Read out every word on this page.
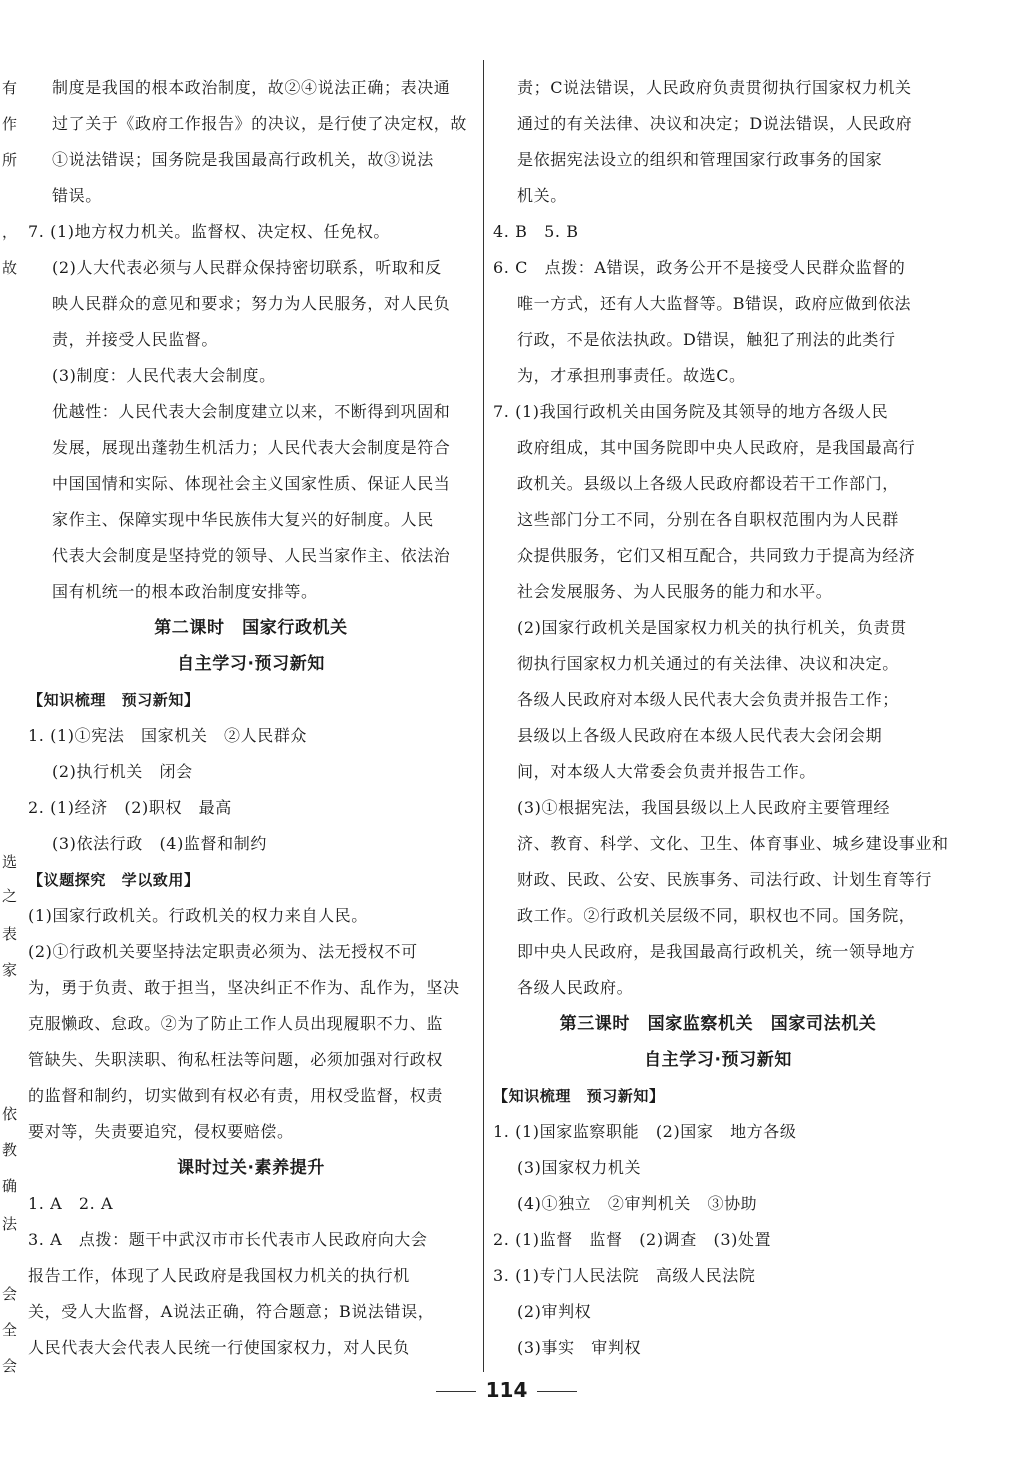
有
作
所
，
故
选
之
表
家
依
教
确
法
会
全
会
制度是我国的根本政治制度，故②④说法正确；表决通
过了关于《政府工作报告》的决议，是行使了决定权，故
①说法错误；国务院是我国最高行政机关，故③说法
错误。
7. (1)地方权力机关。监督权、决定权、任免权。
(2)人大代表必须与人民群众保持密切联系，听取和反
映人民群众的意见和要求；努力为人民服务，对人民负
责，并接受人民监督。
(3)制度：人民代表大会制度。
优越性：人民代表大会制度建立以来，不断得到巩固和
发展，展现出蓬勃生机活力；人民代表大会制度是符合
中国国情和实际、体现社会主义国家性质、保证人民当
家作主、保障实现中华民族伟大复兴的好制度。人民
代表大会制度是坚持党的领导、人民当家作主、依法治
国有机统一的根本政治制度安排等。
第二课时　国家行政机关
自主学习·预习新知
【知识梳理　预习新知】
1. (1)①宪法　国家机关　②人民群众
(2)执行机关　闭会
2. (1)经济　(2)职权　最高
(3)依法行政　(4)监督和制约
【议题探究　学以致用】
(1)国家行政机关。行政机关的权力来自人民。
(2)①行政机关要坚持法定职责必须为、法无授权不可
为，勇于负责、敢于担当，坚决纠正不作为、乱作为，坚决
克服懒政、怠政。②为了防止工作人员出现履职不力、监
管缺失、失职渎职、徇私枉法等问题，必须加强对行政权
的监督和制约，切实做到有权必有责，用权受监督，权责
要对等，失责要追究，侵权要赔偿。
课时过关·素养提升
1. A　2. A
3. A　点拨：题干中武汉市市长代表市人民政府向大会
报告工作，体现了人民政府是我国权力机关的执行机
关，受人大监督，A说法正确，符合题意；B说法错误，
人民代表大会代表人民统一行使国家权力，对人民负
责；C说法错误，人民政府负责贯彻执行国家权力机关
通过的有关法律、决议和决定；D说法错误，人民政府
是依据宪法设立的组织和管理国家行政事务的国家
机关。
4. B　5. B
6. C　点拨：A错误，政务公开不是接受人民群众监督的
唯一方式，还有人大监督等。B错误，政府应做到依法
行政，不是依法执政。D错误，触犯了刑法的此类行
为，才承担刑事责任。故选C。
7. (1)我国行政机关由国务院及其领导的地方各级人民
政府组成，其中国务院即中央人民政府，是我国最高行
政机关。县级以上各级人民政府都设若干工作部门，
这些部门分工不同，分别在各自职权范围内为人民群
众提供服务，它们又相互配合，共同致力于提高为经济
社会发展服务、为人民服务的能力和水平。
(2)国家行政机关是国家权力机关的执行机关，负责贯
彻执行国家权力机关通过的有关法律、决议和决定。
各级人民政府对本级人民代表大会负责并报告工作；
县级以上各级人民政府在本级人民代表大会闭会期
间，对本级人大常委会负责并报告工作。
(3)①根据宪法，我国县级以上人民政府主要管理经
济、教育、科学、文化、卫生、体育事业、城乡建设事业和
财政、民政、公安、民族事务、司法行政、计划生育等行
政工作。②行政机关层级不同，职权也不同。国务院，
即中央人民政府，是我国最高行政机关，统一领导地方
各级人民政府。
第三课时　国家监察机关　国家司法机关
自主学习·预习新知
【知识梳理　预习新知】
1. (1)国家监察职能　(2)国家　地方各级
(3)国家权力机关
(4)①独立　②审判机关　③协助
2. (1)监督　监督　(2)调查　(3)处置
3. (1)专门人民法院　高级人民法院
(2)审判权
(3)事实　审判权
114
